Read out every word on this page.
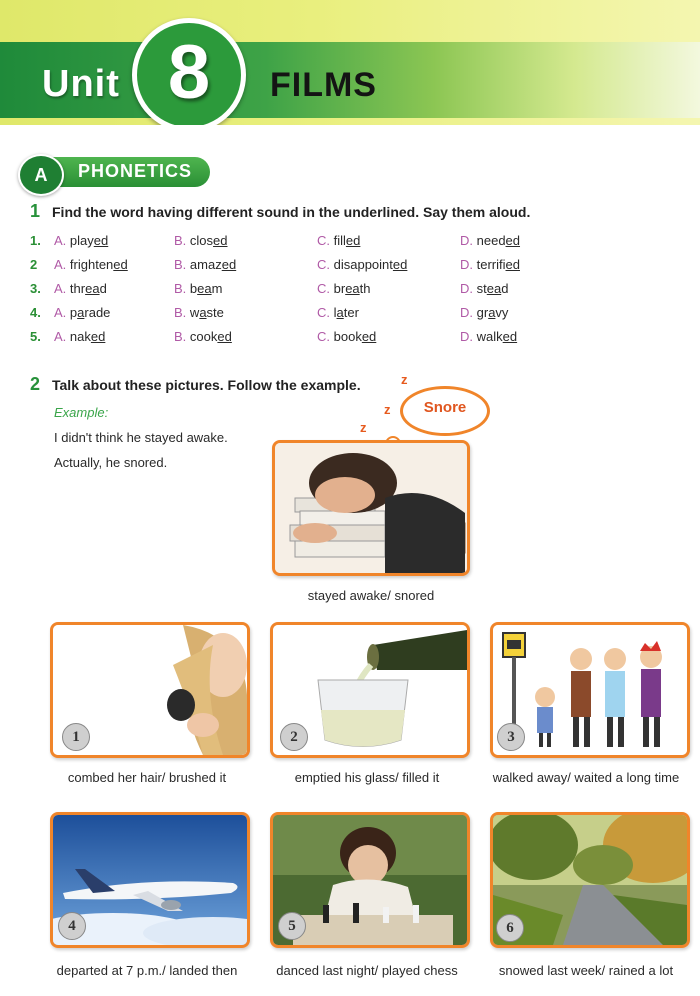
Unit 8	FILMS
A	PHONETICS
1 Find the word having different sound in the underlined. Say them aloud.
1. A. played	B. closed	C. filled	D. needed
2 A. frightened	B. amazed	C. disappointed	D. terrified
3. A. thread	B. beam	C. breath	D. stead
4. A. parade	B. waste	C. later	D. gravy
5. A. naked	B. cooked	C. booked	D. walked
2 Talk about these pictures. Follow the example.
Example:
I didn't think he stayed awake.
Actually, he snored.
z
z
z
Snore
stayed awake/ snored
1
combed her hair/ brushed it
2
emptied his glass/ filled it
3
walked away/ waited a long time
4
departed at 7 p.m./ landed then
5
danced last night/ played chess
6
snowed last week/ rained a lot
